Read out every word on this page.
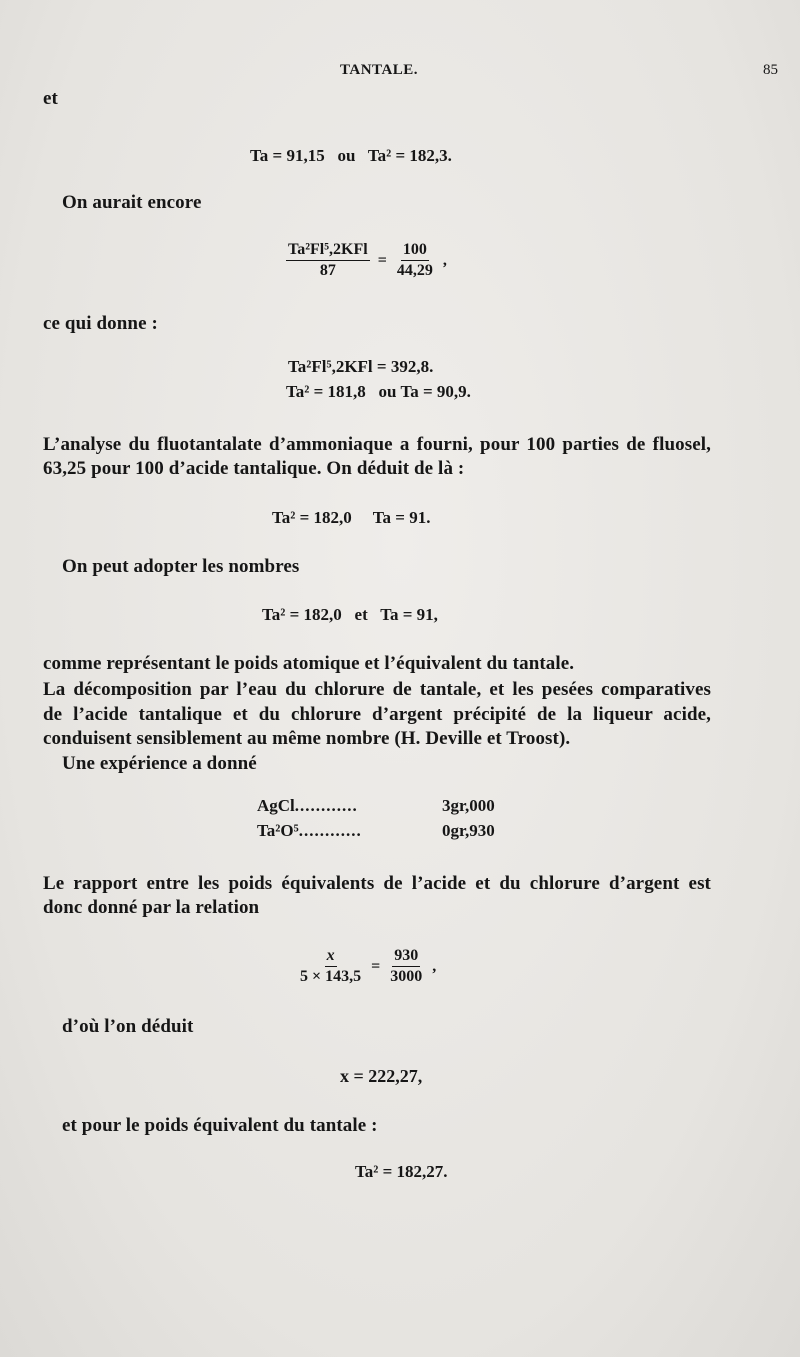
TANTALE.	85
et
Ta = 91,15   ou   Ta² = 182,3.
On aurait encore
$\frac{\text{Ta²Fl⁵,2KFl}}{87} = \frac{100}{44,29}$ ,
ce qui donne :
Ta²Fl⁵,2KFl = 392,8.
Ta² = 181,8   ou Ta = 90,9.
L’analyse du fluotantalate d’ammoniaque a fourni, pour 100 parties de fluosel,
63,25 pour 100 d’acide tantalique. On déduit de là :
Ta² = 182,0     Ta = 91.
On peut adopter les nombres
Ta² = 182,0   et   Ta = 91,
comme représentant le poids atomique et l’équivalent du tantale.
La décomposition par l’eau du chlorure de tantale, et les pesées comparatives
de l’acide tantalique et du chlorure d’argent précipité de la liqueur acide,
conduisent sensiblement au même nombre (H. Deville et Troost).
Une expérience a donné
AgCl............	3gr,000
Ta²O⁵............	0gr,930
Le rapport entre les poids équivalents de l’acide et du chlorure d’argent est
donc donné par la relation
$\frac{x}{5 \times 143,5} = \frac{930}{3000}$ ,
d’où l’on déduit
x = 222,27,
et pour le poids équivalent du tantale :
Ta² = 182,27.
